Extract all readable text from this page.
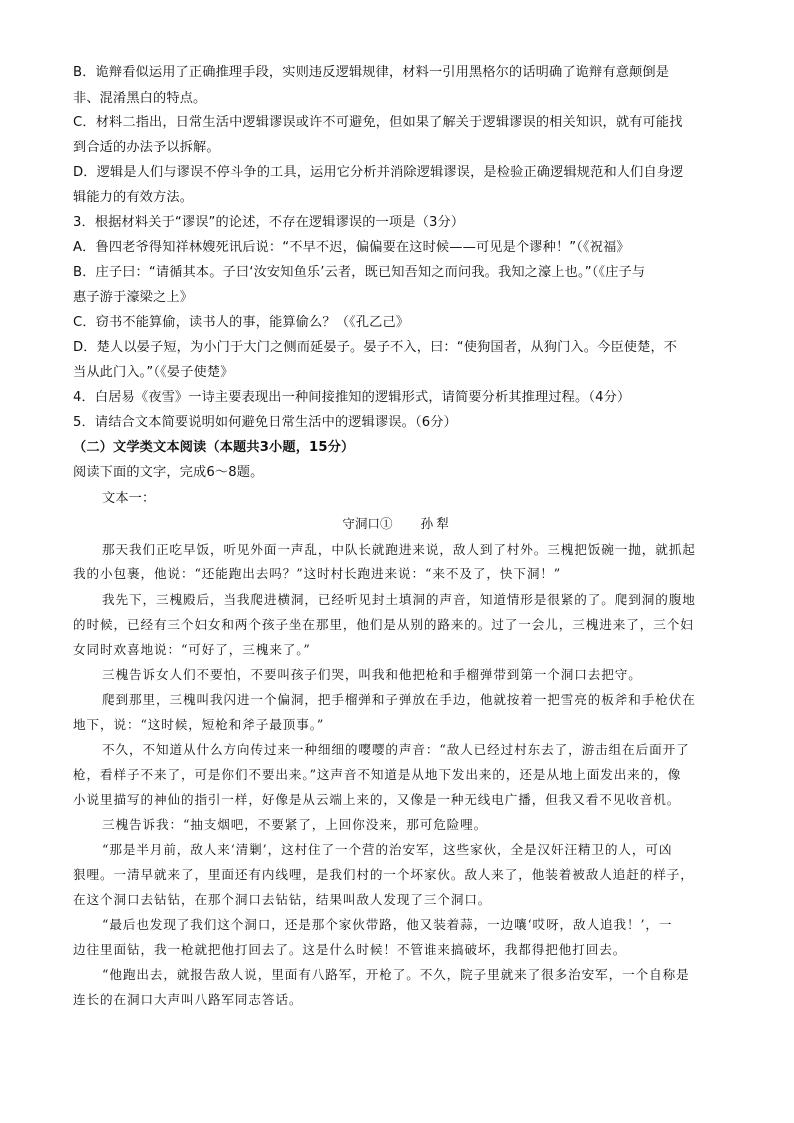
B．诡辩看似运用了正确推理手段，实则违反逻辑规律，材料一引用黑格尔的话明确了诡辩有意颠倒是
非、混淆黑白的特点。
C．材料二指出，日常生活中逻辑谬误或许不可避免，但如果了解关于逻辑谬误的相关知识，就有可能找
到合适的办法予以拆解。
D．逻辑是人们与谬误不停斗争的工具，运用它分析并消除逻辑谬误，是检验正确逻辑规范和人们自身逻
辑能力的有效方法。
3．根据材料关于“谬误”的论述，不存在逻辑谬误的一项是（3分）
A．鲁四老爷得知祥林嫂死讯后说：“不早不迟，偏偏要在这时候——可见是个谬种！”（《祝福》
B．庄子曰：“请循其本。子曰‘汝安知鱼乐’云者，既已知吾知之而问我。我知之濠上也。”（《庄子与
惠子游于濠梁之上》
C．窃书不能算偷，读书人的事，能算偷么？（《孔乙己》
D．楚人以晏子短，为小门于大门之侧而延晏子。晏子不入，曰：“使狗国者，从狗门入。今臣使楚，不
当从此门入。”（《晏子使楚》
4．白居易《夜雪》一诗主要表现出一种间接推知的逻辑形式，请简要分析其推理过程。（4分）
5．请结合文本简要说明如何避免日常生活中的逻辑谬误。（6分）
（二）文学类文本阅读（本题共3小题，15分）
阅读下面的文字，完成6～8题。
文本一：
守洞口① 孙犁
那天我们正吃早饭，听见外面一声乱，中队长就跑进来说，敌人到了村外。三槐把饭碗一抛，就抓起
我的小包裹，他说：“还能跑出去吗？”这时村长跑进来说：“来不及了，快下洞！”
我先下，三槐殿后，当我爬进横洞，已经听见封土填洞的声音，知道情形是很紧的了。爬到洞的腹地
的时候，已经有三个妇女和两个孩子坐在那里，他们是从别的路来的。过了一会儿，三槐进来了，三个妇
女同时欢喜地说：“可好了，三槐来了。”
三槐告诉女人们不要怕，不要叫孩子们哭，叫我和他把枪和手榴弹带到第一个洞口去把守。
爬到那里，三槐叫我闪进一个偏洞，把手榴弹和子弹放在手边，他就按着一把雪亮的板斧和手枪伏在
地下，说：“这时候，短枪和斧子最顶事。”
不久，不知道从什么方向传过来一种细细的嘤嘤的声音：“敌人已经过村东去了，游击组在后面开了
枪，看样子不来了，可是你们不要出来。”这声音不知道是从地下发出来的，还是从地上面发出来的，像
小说里描写的神仙的指引一样，好像是从云端上来的，又像是一种无线电广播，但我又看不见收音机。
三槐告诉我：“抽支烟吧，不要紧了，上回你没来，那可危险哩。
“那是半月前，敌人来‘清剿’，这村住了一个营的治安军，这些家伙，全是汉奸汪精卫的人，可凶
狠哩。一清早就来了，里面还有内线哩，是我们村的一个坏家伙。敌人来了，他装着被敌人追赶的样子，
在这个洞口去钻钻，在那个洞口去钻钻，结果叫敌人发现了三个洞口。
“最后也发现了我们这个洞口，还是那个家伙带路，他又装着蒜，一边嚷‘哎呀，敌人追我！’，一
边往里面钻，我一枪就把他打回去了。这是什么时候！不管谁来搞破坏，我都得把他打回去。
“他跑出去，就报告敌人说，里面有八路军，开枪了。不久，院子里就来了很多治安军，一个自称是
连长的在洞口大声叫八路军同志答话。
